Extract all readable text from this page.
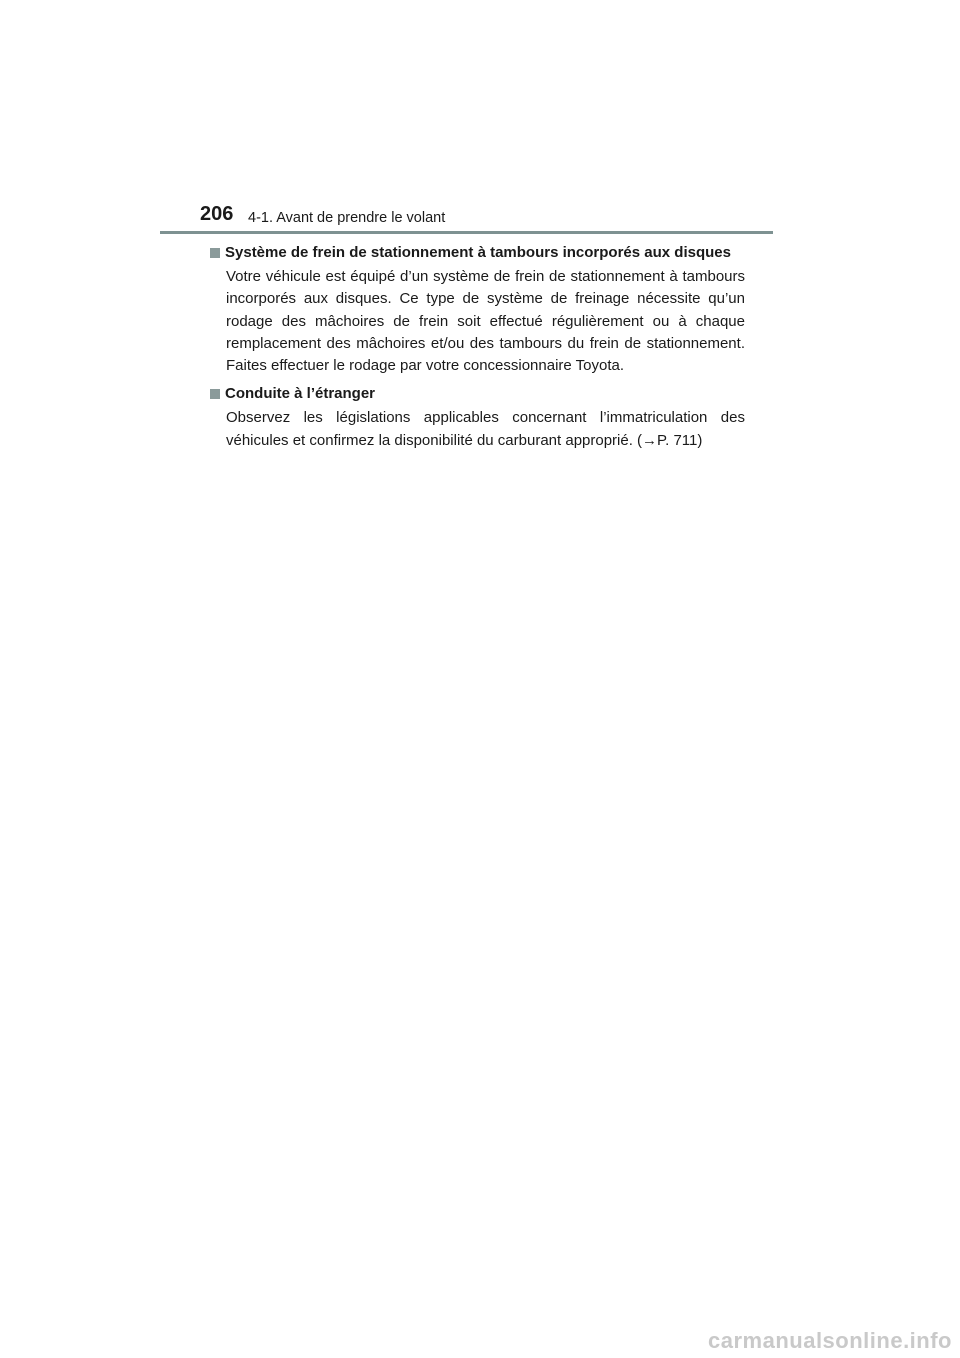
206 4-1. Avant de prendre le volant
Système de frein de stationnement à tambours incorporés aux disques
Votre véhicule est équipé d’un système de frein de stationnement à tambours incorporés aux disques. Ce type de système de freinage nécessite qu’un rodage des mâchoires de frein soit effectué régulièrement ou à chaque remplacement des mâchoires et/ou des tambours du frein de stationnement. Faites effectuer le rodage par votre concessionnaire Toyota.
Conduite à l’étranger
Observez les législations applicables concernant l’immatriculation des véhicules et confirmez la disponibilité du carburant approprié. (→P. 711)
carmanualsonline.info
